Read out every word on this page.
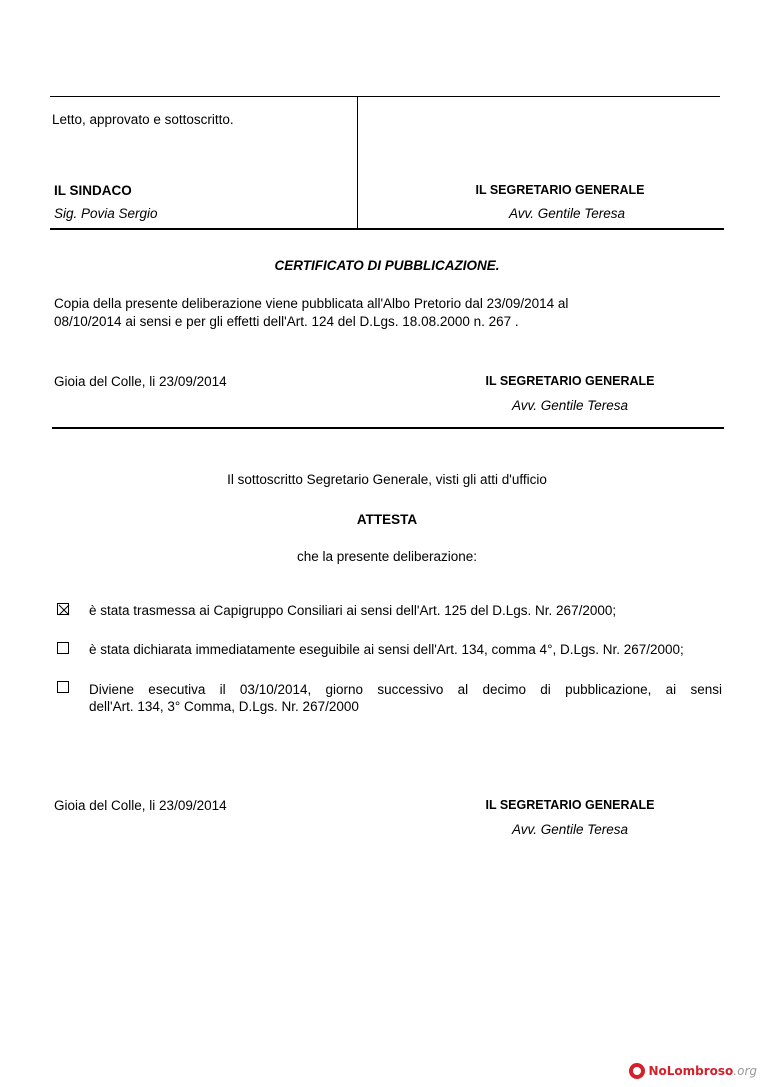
Letto, approvato e sottoscritto.
IL SINDACO
Sig. Povia Sergio
IL SEGRETARIO GENERALE
Avv. Gentile Teresa
CERTIFICATO DI PUBBLICAZIONE.
Copia della presente deliberazione viene pubblicata all'Albo Pretorio dal 23/09/2014 al
08/10/2014 ai sensi e per gli effetti dell'Art. 124 del D.Lgs. 18.08.2000 n. 267 .
Gioia del Colle, li 23/09/2014	IL SEGRETARIO GENERALE
Avv. Gentile Teresa
Il sottoscritto Segretario Generale, visti gli atti d'ufficio
ATTESTA
che la presente deliberazione:
è stata trasmessa ai Capigruppo Consiliari ai sensi dell'Art. 125 del D.Lgs. Nr. 267/2000;
è stata dichiarata immediatamente eseguibile ai sensi dell'Art. 134, comma 4°, D.Lgs. Nr. 267/2000;
Diviene esecutiva il 03/10/2014, giorno successivo al decimo di pubblicazione, ai sensi
dell'Art. 134, 3° Comma, D.Lgs. Nr. 267/2000
Gioia del Colle, li 23/09/2014	IL SEGRETARIO GENERALE
Avv. Gentile Teresa
NoLombroso .org
